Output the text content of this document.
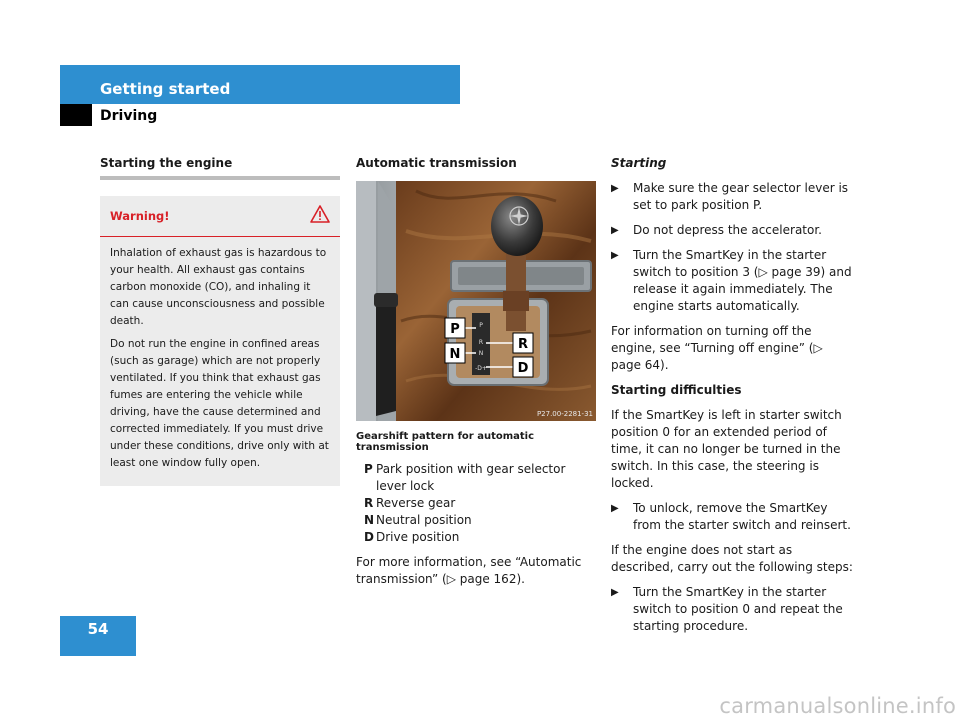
Getting started
Driving
Starting the engine
Warning!

Inhalation of exhaust gas is hazardous to your health. All exhaust gas contains carbon monoxide (CO), and inhaling it can cause unconsciousness and possible death.

Do not run the engine in confined areas (such as garage) which are not properly ventilated. If you think that exhaust gas fumes are entering the vehicle while driving, have the cause determined and corrected immediately. If you must drive under these conditions, drive only with at least one window fully open.

Automatic transmission
P
R
N
-D+
P
N
R
D
P27.00-2281-31
Gearshift pattern for automatic transmission
P Park position with gear selector lever lock
R Reverse gear
N Neutral position
D Drive position

For more information, see “Automatic transmission” (▷ page 162).

Starting
▶	Make sure the gear selector lever is set to park position P.
▶	Do not depress the accelerator.
▶	Turn the SmartKey in the starter switch to position 3 (▷ page 39) and release it again immediately. The engine starts automatically.

For information on turning off the engine, see “Turning off engine” (▷ page 64).

Starting difficulties

If the SmartKey is left in starter switch position 0 for an extended period of time, it can no longer be turned in the switch. In this case, the steering is locked.

▶	To unlock, remove the SmartKey from the starter switch and reinsert.

If the engine does not start as described, carry out the following steps:

▶	Turn the SmartKey in the starter switch to position 0 and repeat the starting procedure.
54
carmanualsonline.info
